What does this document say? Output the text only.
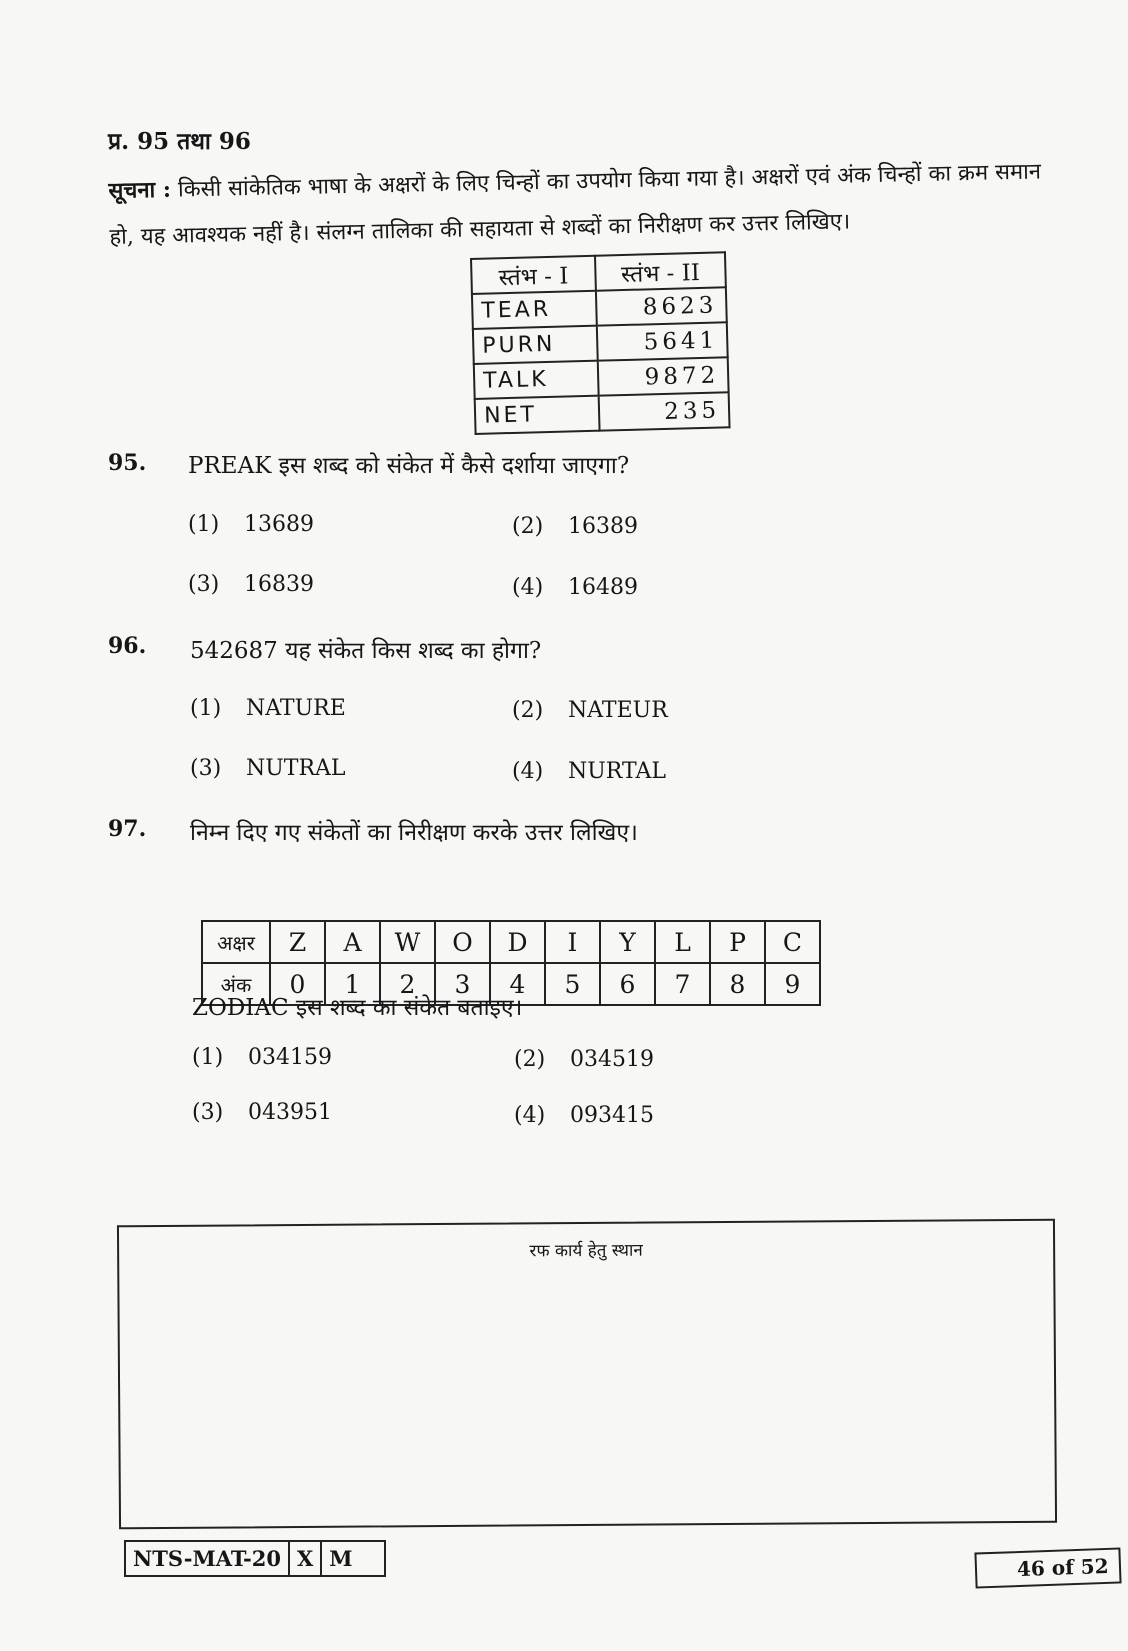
प्र. 95 तथा 96
सूचना : किसी सांकेतिक भाषा के अक्षरों के लिए चिन्हों का उपयोग किया गया है। अक्षरों एवं अंक चिन्हों का क्रम समान
हो, यह आवश्यक नहीं है। संलग्न तालिका की सहायता से शब्दों का निरीक्षण कर उत्तर लिखिए।
स्तंभ - I	स्तंभ - II
TEAR	8623
PURN	5641
TALK	9872
NET	235
95. PREAK इस शब्द को संकेत में कैसे दर्शाया जाएगा?
(1) 13689	(2) 16389
(3) 16839	(4) 16489
96. 542687 यह संकेत किस शब्द का होगा?
(1) NATURE	(2) NATEUR
(3) NUTRAL	(4) NURTAL
97. निम्न दिए गए संकेतों का निरीक्षण करके उत्तर लिखिए।
अक्षर	Z	A	W	O	D	I	Y	L	P	C
अंक	0	1	2	3	4	5	6	7	8	9
ZODIAC इस शब्द का संकेत बताइए।
(1) 034159	(2) 034519
(3) 043951	(4) 093415
रफ कार्य हेतु स्थान
NTS-MAT-20 X M	46 of 52
